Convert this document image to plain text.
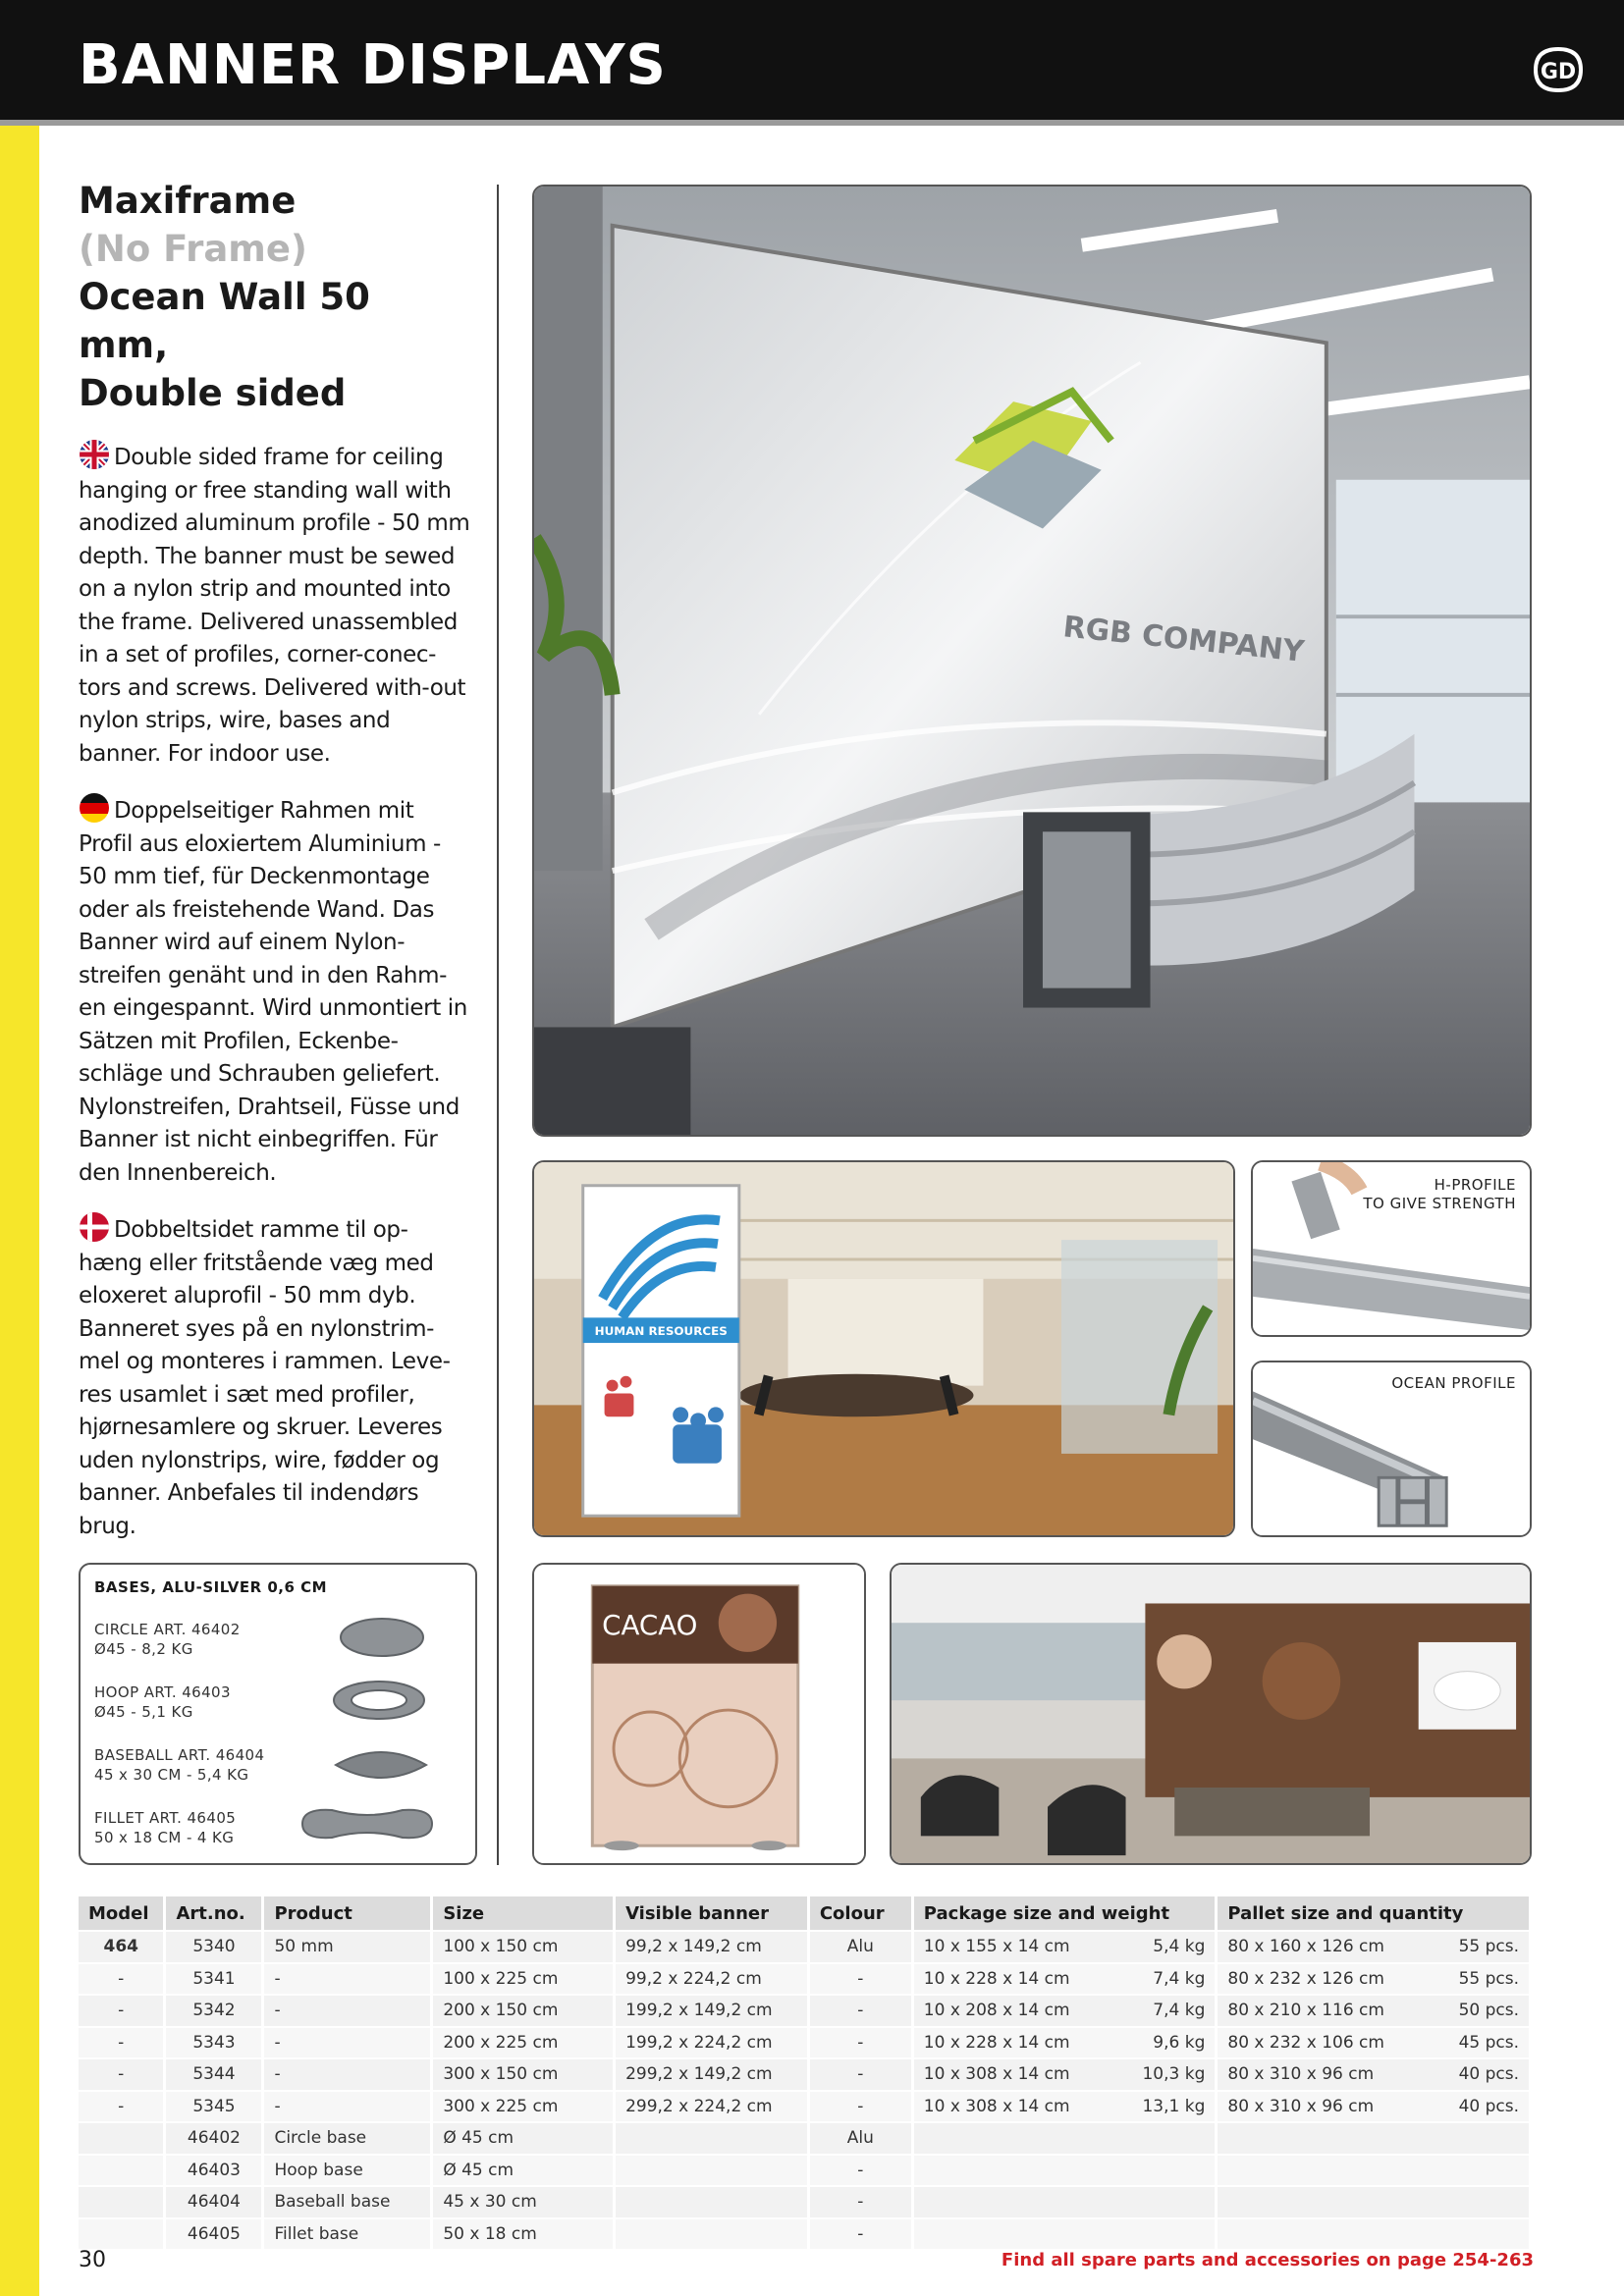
BANNER DISPLAYS	GD

Maxiframe

(No Frame)

Ocean Wall 50 mm,

Double sided

Double sided frame for ceiling hanging or free standing wall with anodized aluminum profile - 50 mm depth. The banner must be sewed on a nylon strip and mounted into the frame. Delivered unassembled in a set of profiles, corner-conec-tors and screws. Delivered with-out nylon strips, wire, bases and banner. For indoor use.

Doppelseitiger Rahmen mit Profil aus eloxiertem Aluminium - 50 mm tief, für Deckenmontage oder als freistehende Wand. Das Banner wird auf einem Nylon-streifen genäht und in den Rahm-en eingespannt. Wird unmontiert in Sätzen mit Profilen, Eckenbe-schläge und Schrauben geliefert. Nylonstreifen, Drahtseil, Füsse und Banner ist nicht einbegriffen. Für den Innenbereich.

Dobbeltsidet ramme til op-hæng eller fritstående væg med eloxeret aluprofil - 50 mm dyb. Banneret syes på en nylonstrim-mel og monteres i rammen. Leve-res usamlet i sæt med profiler, hjørnesamlere og skruer. Leveres uden nylonstrips, wire, fødder og banner. Anbefales til indendørs brug.

RGB COMPANY
HUMAN RESOURCES
H-PROFILE
TO GIVE STRENGTH
OCEAN PROFILE
BASES, ALU-SILVER 0,6 CM
CIRCLE ART. 46402
Ø45 - 8,2 KG
HOOP ART. 46403
Ø45 - 5,1 KG
BASEBALL ART. 46404
45 x 30 CM - 5,4 KG
FILLET ART. 46405
50 x 18 CM - 4 KG
CACAO
Model	Art.no.	Product	Size	Visible banner	Colour	Package size and weight	Pallet size and quantity
464	5340	50 mm	100 x 150 cm	99,2 x 149,2 cm	Alu	10 x 155 x 14 cm 5,4 kg	80 x 160 x 126 cm 55 pcs.

-	5341	-	100 x 225 cm	99,2 x 224,2 cm	-	10 x 228 x 14 cm 7,4 kg	80 x 232 x 126 cm 55 pcs.

-	5342	-	200 x 150 cm	199,2 x 149,2 cm	-	10 x 208 x 14 cm 7,4 kg	80 x 210 x 116 cm 50 pcs.

-	5343	-	200 x 225 cm	199,2 x 224,2 cm	-	10 x 228 x 14 cm 9,6 kg	80 x 232 x 106 cm 45 pcs.

-	5344	-	300 x 150 cm	299,2 x 149,2 cm	-	10 x 308 x 14 cm 10,3 kg	80 x 310 x 96 cm 40 pcs.

-	5345	-	300 x 225 cm	299,2 x 224,2 cm	-	10 x 308 x 14 cm 13,1 kg	80 x 310 x 96 cm 40 pcs.

	46402	Circle base	Ø 45 cm		Alu	

	46403	Hoop base	Ø 45 cm		-	

	46404	Baseball base	45 x 30 cm		-	

	46405	Fillet base	50 x 18 cm		-	

30	Find all spare parts and accessories on page 254-263
